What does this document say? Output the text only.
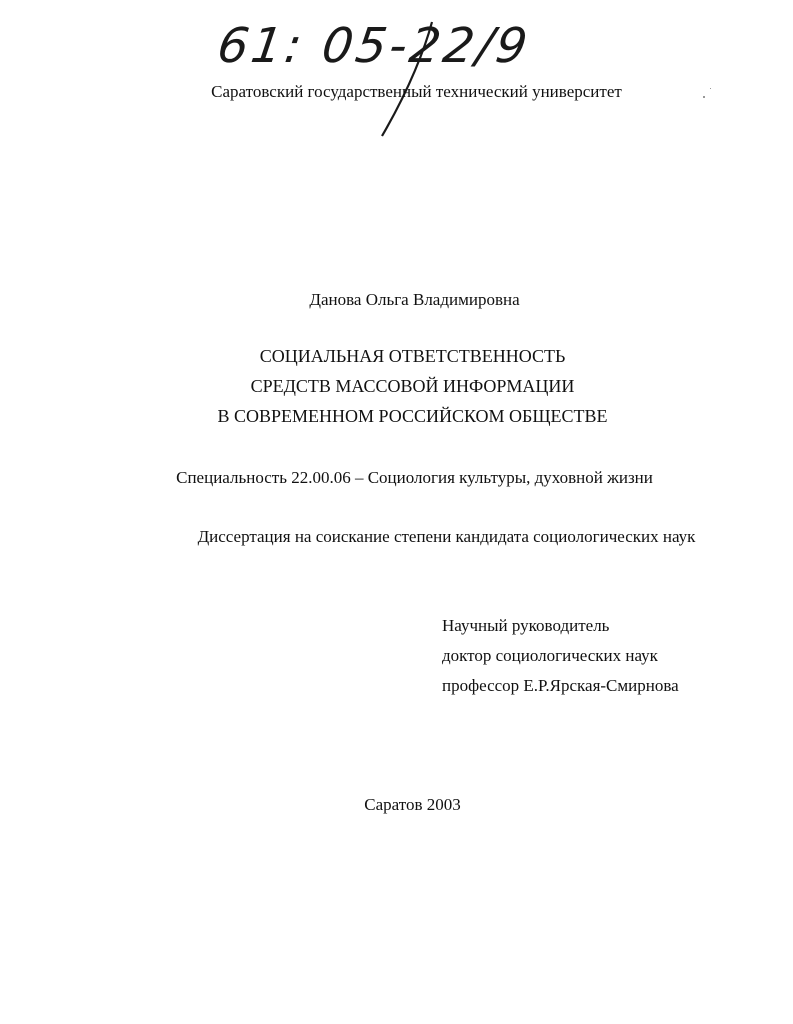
61: 05-22/9
Саратовский государственный технический университет
Данова Ольга Владимировна
СОЦИАЛЬНАЯ ОТВЕТСТВЕННОСТЬ
СРЕДСТВ МАССОВОЙ ИНФОРМАЦИИ
В СОВРЕМЕННОМ РОССИЙСКОМ ОБЩЕСТВЕ
Специальность 22.00.06 – Социология культуры, духовной жизни
Диссертация на соискание степени кандидата социологических наук
Научный руководитель
доктор социологических наук
профессор Е.Р.Ярская-Смирнова
Саратов 2003
